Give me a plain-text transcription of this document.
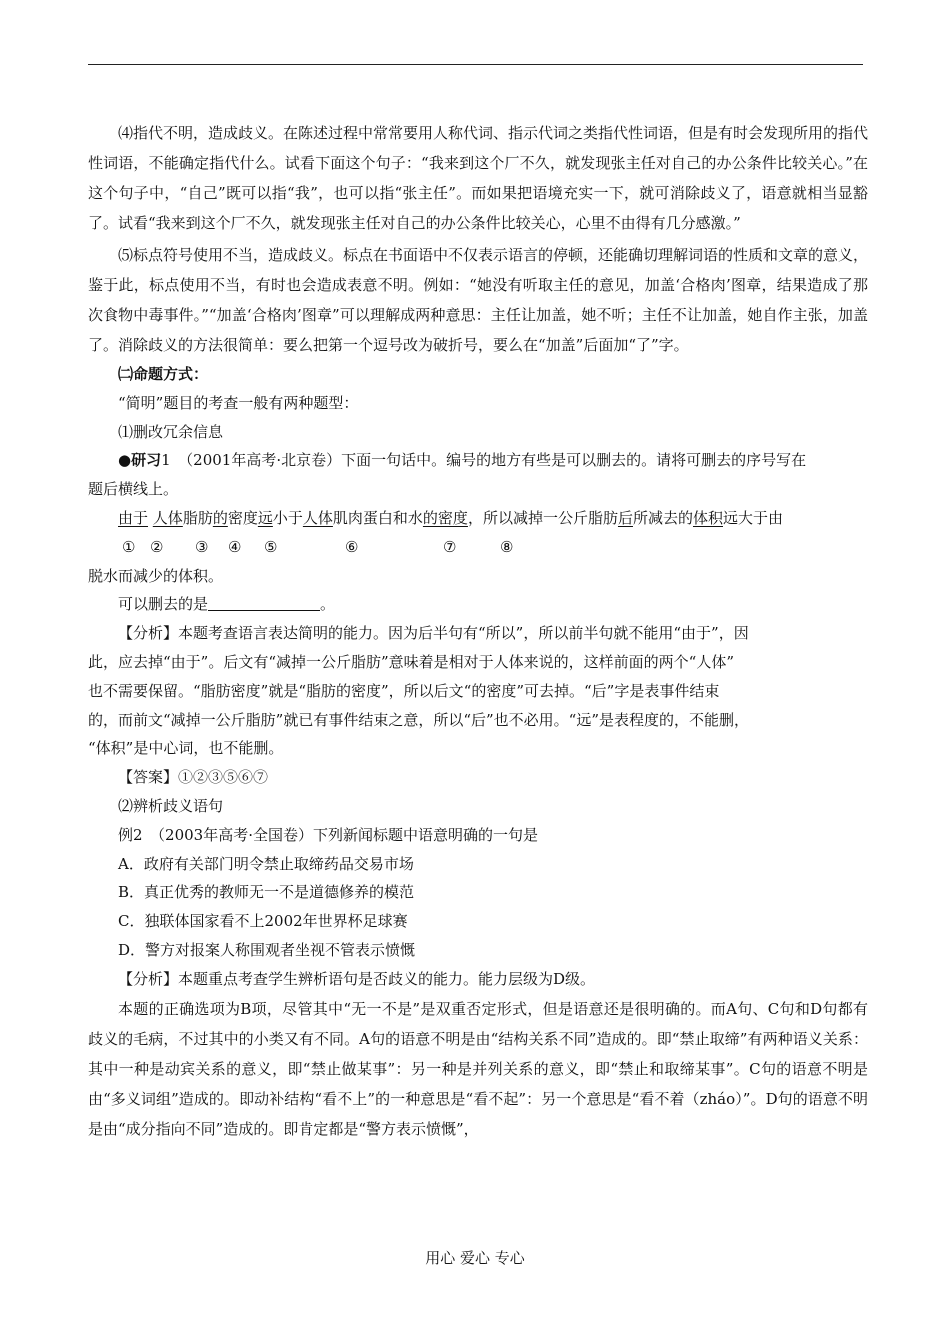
⑷指代不明，造成歧义。在陈述过程中常常要用人称代词、指示代词之类指代性词语，但是有时会发现所用的指代性词语，不能确定指代什么。试看下面这个句子：“我来到这个厂不久，就发现张主任对自己的办公条件比较关心。”在这个句子中，“自己”既可以指“我”，也可以指“张主任”。而如果把语境充实一下，就可消除歧义了，语意就相当显豁了。试看“我来到这个厂不久，就发现张主任对自己的办公条件比较关心，心里不由得有几分感激。”

⑸标点符号使用不当，造成歧义。标点在书面语中不仅表示语言的停顿，还能确切理解词语的性质和文章的意义，鉴于此，标点使用不当，有时也会造成表意不明。例如：“她没有听取主任的意见，加盖‘合格肉’图章，结果造成了那次食物中毒事件。”“加盖‘合格肉’图章”可以理解成两种意思：主任让加盖，她不听；主任不让加盖，她自作主张，加盖了。消除歧义的方法很简单：要么把第一个逗号改为破折号，要么在“加盖”后面加“了”字。

㈡命题方式：

“简明”题目的考查一般有两种题型：

⑴删改冗余信息

●研习1　 （2001年高考·北京卷）下面一句话中。编号的地方有些是可以删去的。请将可删去的序号写在

题后横线上。

由于 人体脂肪的密度远小于人体肌肉蛋白和水的密度，所以减掉一公斤脂肪后所减去的体积远大于由

① ② ③ ④ ⑤	⑥	⑦	⑧

脱水而减少的体积。

可以删去的是	。

【分析】本题考查语言表达简明的能力。因为后半句有“所以”，所以前半句就不能用“由于”，因

此，应去掉“由于”。后文有“减掉一公斤脂肪”意味着是相对于人体来说的，这样前面的两个“人体”

也不需要保留。“脂肪密度”就是“脂肪的密度”，所以后文“的密度”可去掉。“后”字是表事件结束

的，而前文“减掉一公斤脂肪”就已有事件结束之意，所以“后”也不必用。“远”是表程度的，不能删，

“体积”是中心词，也不能删。

【答案】①②③⑤⑥⑦

⑵辨析歧义语句

例2　（2003年高考·全国卷）下列新闻标题中语意明确的一句是

A．政府有关部门明令禁止取缔药品交易市场

B．真正优秀的教师无一不是道德修养的模范

C．独联体国家看不上2002年世界杯足球赛

D．警方对报案人称围观者坐视不管表示愤慨

【分析】本题重点考查学生辨析语句是否歧义的能力。能力层级为D级。

本题的正确选项为B项，尽管其中“无一不是”是双重否定形式，但是语意还是很明确的。而A句、C句和D句都有歧义的毛病，不过其中的小类又有不同。A句的语意不明是由“结构关系不同”造成的。即“禁止取缔”有两种语义关系：其中一种是动宾关系的意义，即“禁止做某事”：另一种是并列关系的意义，即“禁止和取缔某事”。C句的语意不明是由“多义词组”造成的。即动补结构“看不上”的一种意思是“看不起”：另一个意思是“看不着（zháo）”。D句的语意不明是由“成分指向不同”造成的。即肯定都是“警方表示愤慨”，

用心 爱心 专心
